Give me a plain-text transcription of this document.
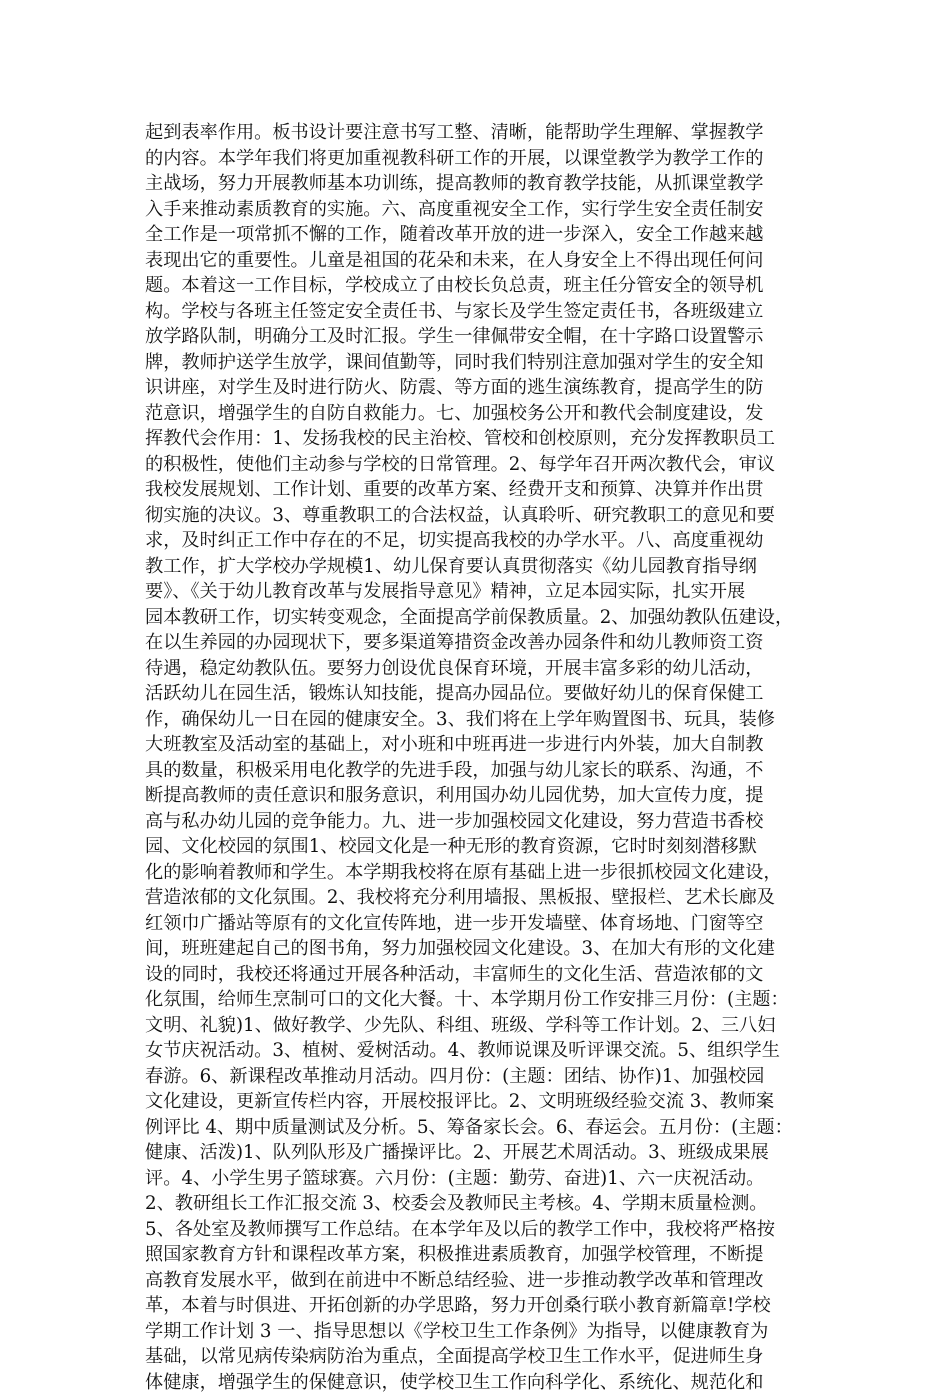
起到表率作用。板书设计要注意书写工整、清晰，能帮助学生理解、掌握教学
的内容。本学年我们将更加重视教科研工作的开展，以课堂教学为教学工作的
主战场，努力开展教师基本功训练，提高教师的教育教学技能，从抓课堂教学
入手来推动素质教育的实施。六、高度重视安全工作，实行学生安全责任制安
全工作是一项常抓不懈的工作，随着改革开放的进一步深入，安全工作越来越
表现出它的重要性。儿童是祖国的花朵和未来，在人身安全上不得出现任何问
题。本着这一工作目标，学校成立了由校长负总责，班主任分管安全的领导机
构。学校与各班主任签定安全责任书、与家长及学生签定责任书，各班级建立
放学路队制，明确分工及时汇报。学生一律佩带安全帽，在十字路口设置警示
牌，教师护送学生放学，课间值勤等，同时我们特别注意加强对学生的安全知
识讲座，对学生及时进行防火、防震、等方面的逃生演练教育，提高学生的防
范意识，增强学生的自防自救能力。七、加强校务公开和教代会制度建设，发
挥教代会作用：1、发扬我校的民主治校、管校和创校原则，充分发挥教职员工
的积极性，使他们主动参与学校的日常管理。2、每学年召开两次教代会，审议
我校发展规划、工作计划、重要的改革方案、经费开支和预算、决算并作出贯
彻实施的决议。3、尊重教职工的合法权益，认真聆听、研究教职工的意见和要
求，及时纠正工作中存在的不足，切实提高我校的办学水平。八、高度重视幼
教工作，扩大学校办学规模1、幼儿保育要认真贯彻落实《幼儿园教育指导纲
要》、《关于幼儿教育改革与发展指导意见》精神，立足本园实际，扎实开展
园本教研工作，切实转变观念，全面提高学前保教质量。2、加强幼教队伍建设，
在以生养园的办园现状下，要多渠道筹措资金改善办园条件和幼儿教师资工资
待遇，稳定幼教队伍。要努力创设优良保育环境，开展丰富多彩的幼儿活动，
活跃幼儿在园生活，锻炼认知技能，提高办园品位。要做好幼儿的保育保健工
作，确保幼儿一日在园的健康安全。3、我们将在上学年购置图书、玩具，装修
大班教室及活动室的基础上，对小班和中班再进一步进行内外装，加大自制教
具的数量，积极采用电化教学的先进手段，加强与幼儿家长的联系、沟通，不
断提高教师的责任意识和服务意识，利用国办幼儿园优势，加大宣传力度，提
高与私办幼儿园的竞争能力。九、进一步加强校园文化建设，努力营造书香校
园、文化校园的氛围1、校园文化是一种无形的教育资源，它时时刻刻潜移默
化的影响着教师和学生。本学期我校将在原有基础上进一步很抓校园文化建设，
营造浓郁的文化氛围。2、我校将充分利用墙报、黑板报、壁报栏、艺术长廊及
红领巾广播站等原有的文化宣传阵地，进一步开发墙壁、体育场地、门窗等空
间，班班建起自己的图书角，努力加强校园文化建设。3、在加大有形的文化建
设的同时，我校还将通过开展各种活动，丰富师生的文化生活、营造浓郁的文
化氛围，给师生烹制可口的文化大餐。十、本学期月份工作安排三月份：(主题：
文明、礼貌)1、做好教学、少先队、科组、班级、学科等工作计划。2、三八妇
女节庆祝活动。3、植树、爱树活动。4、教师说课及听评课交流。5、组织学生
春游。6、新课程改革推动月活动。四月份：(主题：团结、协作)1、加强校园
文化建设，更新宣传栏内容，开展校报评比。2、文明班级经验交流 3、教师案
例评比 4、期中质量测试及分析。5、筹备家长会。6、春运会。五月份：(主题：
健康、活泼)1、队列队形及广播操评比。2、开展艺术周活动。3、班级成果展
评。4、小学生男子篮球赛。六月份：(主题：勤劳、奋进)1、六一庆祝活动。
2、教研组长工作汇报交流 3、校委会及教师民主考核。4、学期末质量检测。
5、各处室及教师撰写工作总结。在本学年及以后的教学工作中，我校将严格按
照国家教育方针和课程改革方案，积极推进素质教育，加强学校管理，不断提
高教育发展水平，做到在前进中不断总结经验、进一步推动教学改革和管理改
革，本着与时俱进、开拓创新的办学思路，努力开创桑行联小教育新篇章!学校
学期工作计划 3 一、指导思想以《学校卫生工作条例》为指导，以健康教育为
基础，以常见病传染病防治为重点，全面提高学校卫生工作水平，促进师生身
体健康，增强学生的保健意识，使学校卫生工作向科学化、系统化、规范化和
